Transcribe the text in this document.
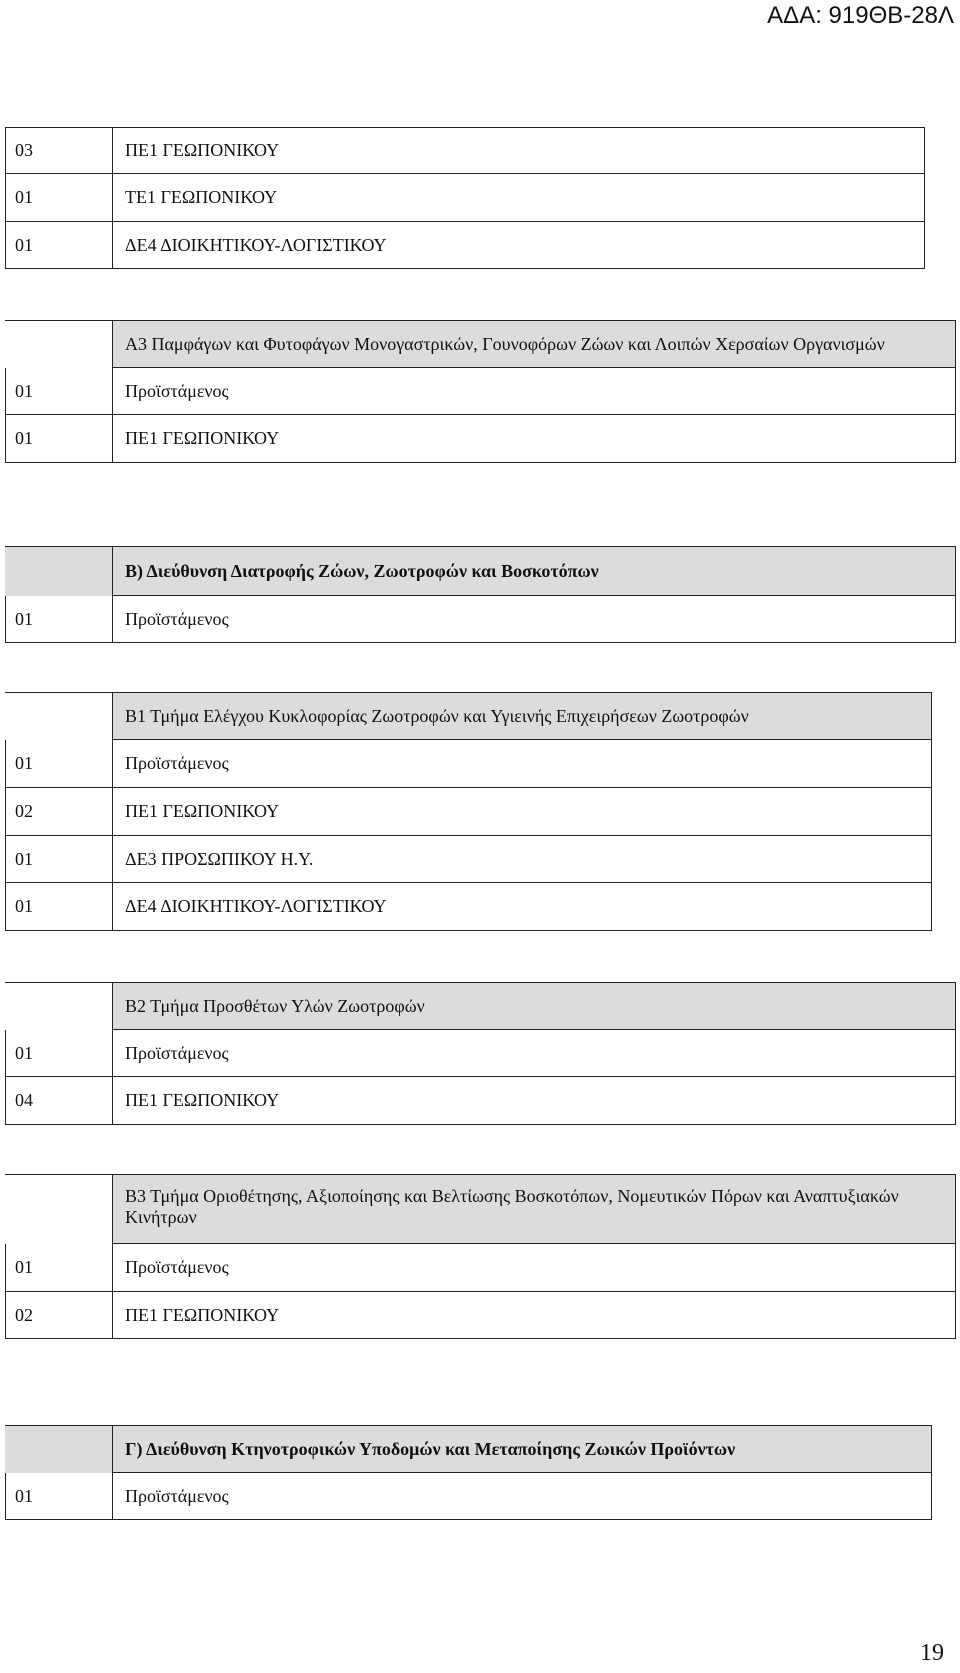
ΑΔΑ: 919ΘΒ-28Λ
03	ΠΕ1 ΓΕΩΠΟΝΙΚΟΥ
01	ΤΕ1 ΓΕΩΠΟΝΙΚΟΥ
01	ΔΕ4 ΔΙΟΙΚΗΤΙΚΟΥ-ΛΟΓΙΣΤΙΚΟΥ
Α3 Παμφάγων και Φυτοφάγων Μονογαστρικών, Γουνοφόρων Ζώων και Λοιπών Χερσαίων Οργανισμών
01	Προϊστάμενος
01	ΠΕ1 ΓΕΩΠΟΝΙΚΟΥ
Β) Διεύθυνση Διατροφής Ζώων, Ζωοτροφών και Βοσκοτόπων
01	Προϊστάμενος
Β1 Τμήμα Ελέγχου Κυκλοφορίας Ζωοτροφών και Υγιεινής Επιχειρήσεων Ζωοτροφών
01	Προϊστάμενος
02	ΠΕ1 ΓΕΩΠΟΝΙΚΟΥ
01	ΔΕ3 ΠΡΟΣΩΠΙΚΟΥ Η.Υ.
01	ΔΕ4 ΔΙΟΙΚΗΤΙΚΟΥ-ΛΟΓΙΣΤΙΚΟΥ
Β2 Τμήμα Προσθέτων Υλών Ζωοτροφών
01	Προϊστάμενος
04	ΠΕ1 ΓΕΩΠΟΝΙΚΟΥ
Β3 Τμήμα Οριοθέτησης, Αξιοποίησης και Βελτίωσης Βοσκοτόπων, Νομευτικών Πόρων και Αναπτυξιακών Κινήτρων
01	Προϊστάμενος
02	ΠΕ1 ΓΕΩΠΟΝΙΚΟΥ
Γ) Διεύθυνση Κτηνοτροφικών Υποδομών και Μεταποίησης Ζωικών Προϊόντων
01	Προϊστάμενος
19
